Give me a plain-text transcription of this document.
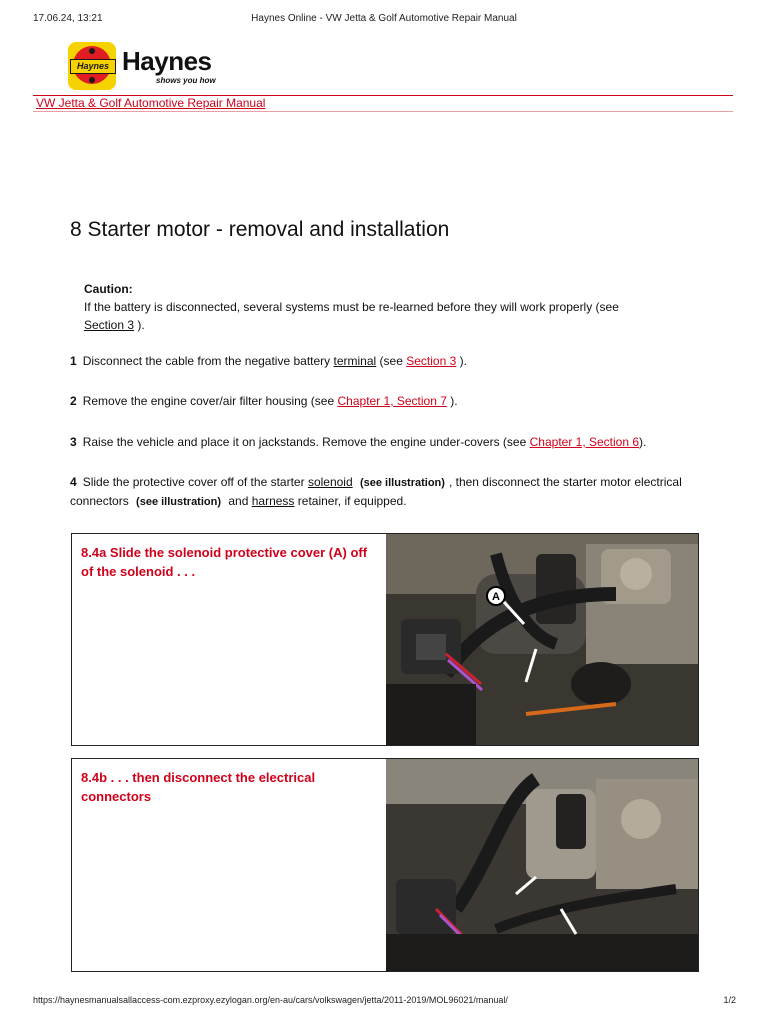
17.06.24, 13:21	Haynes Online - VW Jetta & Golf Automotive Repair Manual
Haynes Haynes
shows you how
VW Jetta & Golf Automotive Repair Manual
8 Starter motor - removal and installation
Caution:
If the battery is disconnected, several systems must be re-learned before they will work properly (see
Section 3 ).
1 Disconnect the cable from the negative battery terminal (see Section 3 ).
2 Remove the engine cover/air filter housing (see Chapter 1, Section 7 ).
3 Raise the vehicle and place it on jackstands. Remove the engine under-covers (see Chapter 1, Section 6).
4 Slide the protective cover off of the starter solenoid (see illustration) , then disconnect the starter motor electrical connectors (see illustration) and harness retainer, if equipped.
8.4a Slide the solenoid protective cover (A) off of the solenoid . . .
A
8.4b . . . then disconnect the electrical connectors
https://haynesmanualsallaccess-com.ezproxy.ezylogan.org/en-au/cars/volkswagen/jetta/2011-2019/MOL96021/manual/	1/2
